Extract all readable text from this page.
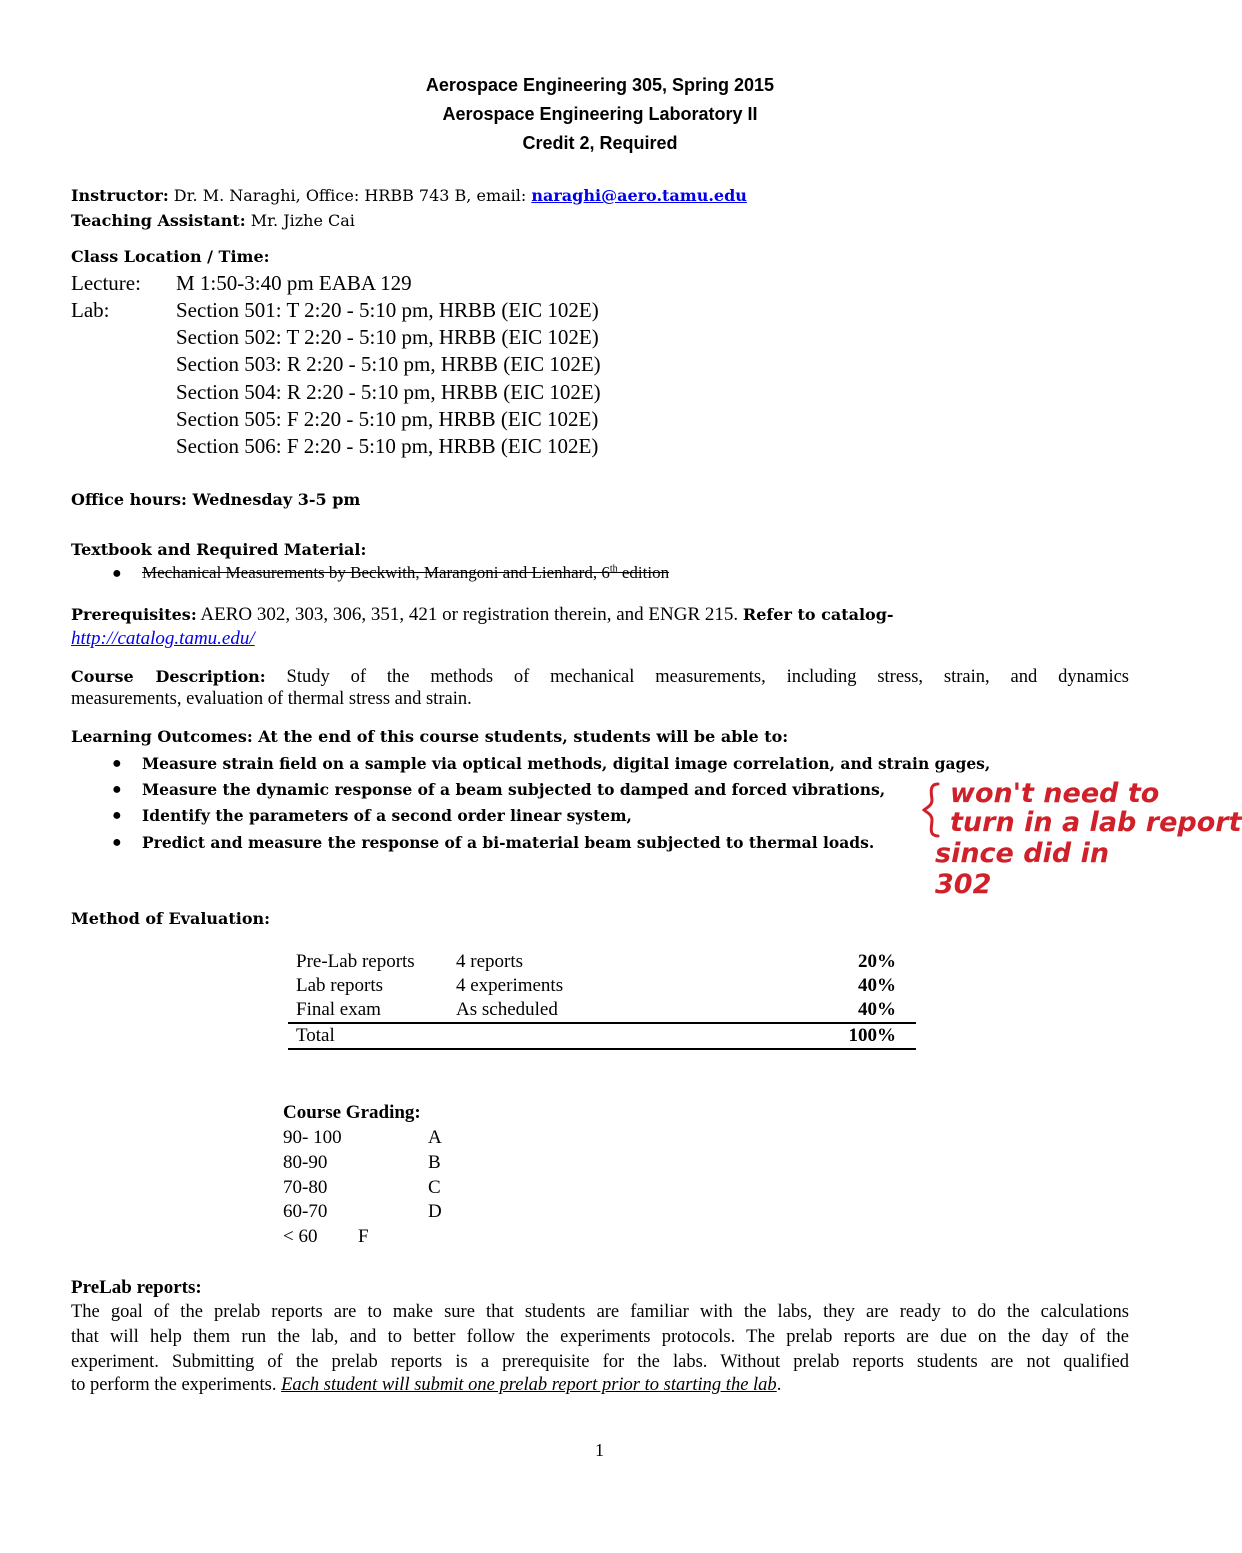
Aerospace Engineering 305, Spring 2015
Aerospace Engineering Laboratory II
Credit 2, Required
Instructor: Dr. M. Naraghi, Office: HRBB 743 B, email: naraghi@aero.tamu.edu
Teaching Assistant: Mr. Jizhe Cai
Class Location / Time:
Lecture: M 1:50-3:40 pm EABA 129
Lab:	Section 501: T 2:20 - 5:10 pm, HRBB (EIC 102E)
Section 502: T 2:20 - 5:10 pm, HRBB (EIC 102E)
Section 503: R 2:20 - 5:10 pm, HRBB (EIC 102E)
Section 504: R 2:20 - 5:10 pm, HRBB (EIC 102E)
Section 505: F 2:20 - 5:10 pm, HRBB (EIC 102E)
Section 506: F 2:20 - 5:10 pm, HRBB (EIC 102E)
Office hours: Wednesday 3-5 pm
Textbook and Required Material:
● Mechanical Measurements by Beckwith, Marangoni and Lienhard, 6th edition
Prerequisites: AERO 302, 303, 306, 351, 421 or registration therein, and ENGR 215. Refer to catalog-
http://catalog.tamu.edu/
Course Description: Study of the methods of mechanical measurements, including stress, strain, and dynamics
measurements, evaluation of thermal stress and strain.
Learning Outcomes: At the end of this course students, students will be able to:
● Measure strain field on a sample via optical methods, digital image correlation, and strain gages,
● Measure the dynamic response of a beam subjected to damped and forced vibrations,
● Identify the parameters of a second order linear system,
● Predict and measure the response of a bi-material beam subjected to thermal loads.
won't need to
turn in a lab report
since did in
302
Method of Evaluation:
Pre-Lab reports	4 reports	20%
Lab reports	4 experiments	40%
Final exam	As scheduled	40%
Total		100%
Course Grading:
90- 100	A
80-90	B
70-80	C
60-70	D
< 60 F
PreLab reports:
The goal of the prelab reports are to make sure that students are familiar with the labs, they are ready to do the calculations
that will help them run the lab, and to better follow the experiments protocols. The prelab reports are due on the day of the
experiment. Submitting of the prelab reports is a prerequisite for the labs. Without prelab reports students are not qualified
to perform the experiments. Each student will submit one prelab report prior to starting the lab.
1
